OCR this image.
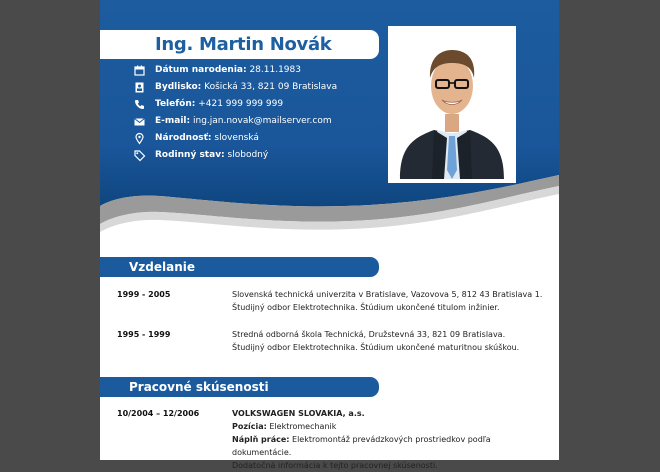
Ing. Martin Novák
Dátum narodenia: 28.11.1983
Bydlisko: Košická 33, 821 09 Bratislava
Telefón: +421 999 999 999
E-mail: ing.jan.novak@mailserver.com
Národnosť: slovenská
Rodinný stav: slobodný
Vzdelanie
1999 - 2005	Slovenská technická univerzita v Bratislave, Vazovova 5, 812 43 Bratislava 1.
Študijný odbor Elektrotechnika. Štúdium ukončené titulom inžinier.
1995 - 1999	Stredná odborná škola Technická, Družstevná 33, 821 09 Bratislava.
Študijný odbor Elektrotechnika. Štúdium ukončené maturitnou skúškou.
Pracovné skúsenosti
10/2004 – 12/2006	VOLKSWAGEN SLOVAKIA, a.s.
Pozícia: Elektromechanik
Náplň práce: Elektromontáž prevádzkových prostriedkov podľa dokumentácie.
Dodatočná informácia k tejto pracovnej skúsenosti.
